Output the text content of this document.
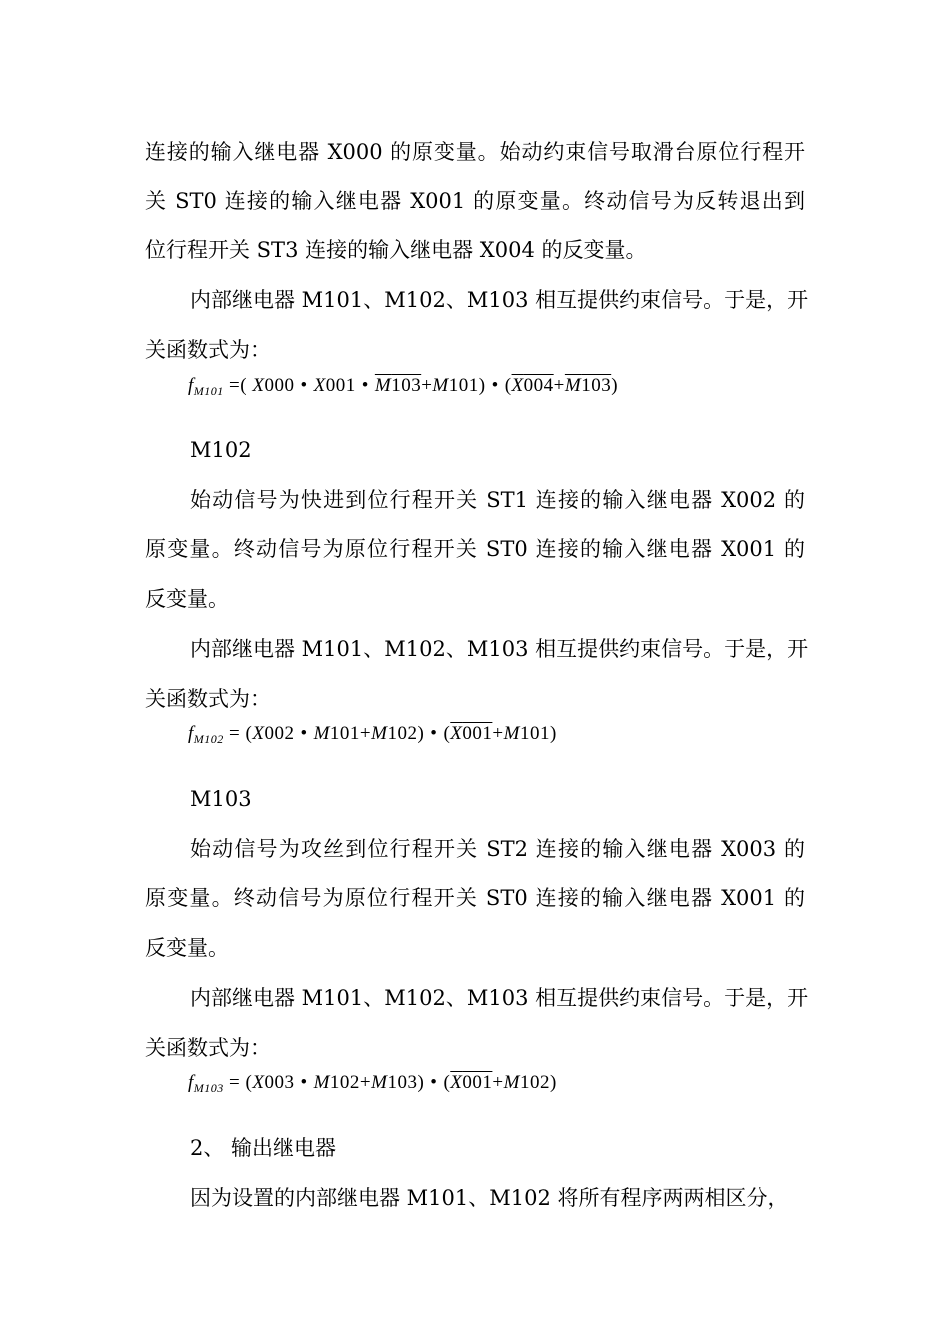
连接的输入继电器 X000 的原变量。始动约束信号取滑台原位行程开
关 ST0 连接的输入继电器 X001 的原变量。终动信号为反转退出到
位行程开关 ST3 连接的输入继电器 X004 的反变量。
内部继电器 M101、M102、M103 相互提供约束信号。于是，开
关函数式为：
$f_{M101}$ =( X000 • X001 • M103+M101) • (X004+M103)
M102
始动信号为快进到位行程开关 ST1 连接的输入继电器 X002 的
原变量。终动信号为原位行程开关 ST0 连接的输入继电器 X001 的
反变量。
内部继电器 M101、M102、M103 相互提供约束信号。于是，开
关函数式为：
$f_{M102} = (X002$ • M101+M102) • (X001+M101)
M103
始动信号为攻丝到位行程开关 ST2 连接的输入继电器 X003 的
原变量。终动信号为原位行程开关 ST0 连接的输入继电器 X001 的
反变量。
内部继电器 M101、M102、M103 相互提供约束信号。于是，开
关函数式为：
$f_{M103} = (X003$ • M102+M103) • (X001+M102)
2、 输出继电器
因为设置的内部继电器 M101、M102 将所有程序两两相区分，
